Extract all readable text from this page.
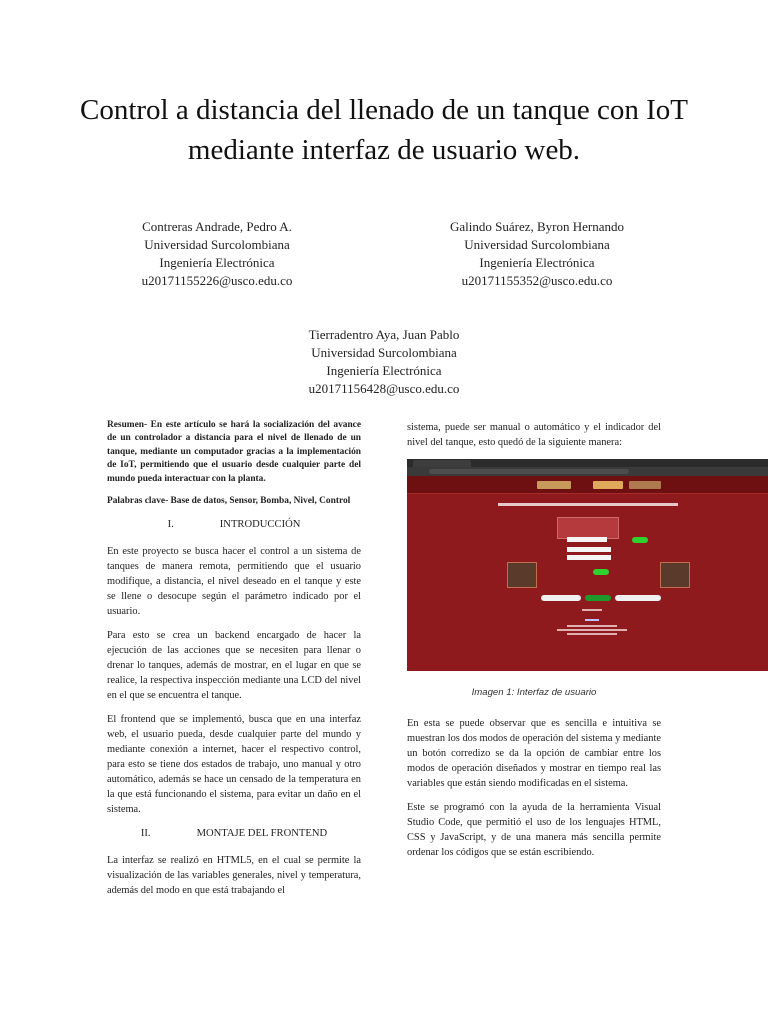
Control a distancia del llenado de un tanque con IoT mediante interfaz de usuario web.
Contreras Andrade, Pedro A.
Universidad Surcolombiana
Ingeniería Electrónica
u20171155226@usco.edu.co
Galindo Suárez, Byron Hernando
Universidad Surcolombiana
Ingeniería Electrónica
u20171155352@usco.edu.co
Tierradentro Aya, Juan Pablo
Universidad Surcolombiana
Ingeniería Electrónica
u20171156428@usco.edu.co

Resumen- En este artículo se hará la socialización del avance de un controlador a distancia para el nivel de llenado de un tanque, mediante un computador gracias a la implementación de IoT, permitiendo que el usuario desde cualquier parte del mundo pueda interactuar con la planta.

Palabras clave- Base de datos, Sensor, Bomba, Nivel, Control

I.	INTRODUCCIÓN

En este proyecto se busca hacer el control a un sistema de tanques de manera remota, permitiendo que el usuario modifique, a distancia, el nivel deseado en el tanque y este se llene o desocupe según el parámetro indicado por el usuario.

Para esto se crea un backend encargado de hacer la ejecución de las acciones que se necesiten para llenar o drenar lo tanques, además de mostrar, en el lugar en que se realice, la respectiva inspección mediante una LCD del nivel en el que se encuentra el tanque.

El frontend que se implementó, busca que en una interfaz web, el usuario pueda, desde cualquier parte del mundo y mediante conexión a internet, hacer el respectivo control, para esto se tiene dos estados de trabajo, uno manual y otro automático, además se hace un censado de la temperatura en la que está funcionando el sistema, para evitar un daño en el sistema.

II.	MONTAJE DEL FRONTEND

La interfaz se realizó en HTML5, en el cual se permite la visualización de las variables generales, nivel y temperatura, además del modo en que está trabajando el

sistema, puede ser manual o automático y el indicador del nivel del tanque, esto quedó de la siguiente manera:

Imagen 1: Interfaz de usuario

En esta se puede observar que es sencilla e intuitiva se muestran los dos modos de operación del sistema y mediante un botón corredizo se da la opción de cambiar entre los modos de operación diseñados y mostrar en tiempo real las variables que están siendo modificadas en el sistema.

Este se programó con la ayuda de la herramienta Visual Studio Code, que permitió el uso de los lenguajes HTML, CSS y JavaScript, y de una manera más sencilla permite ordenar los códigos que se están escribiendo.
